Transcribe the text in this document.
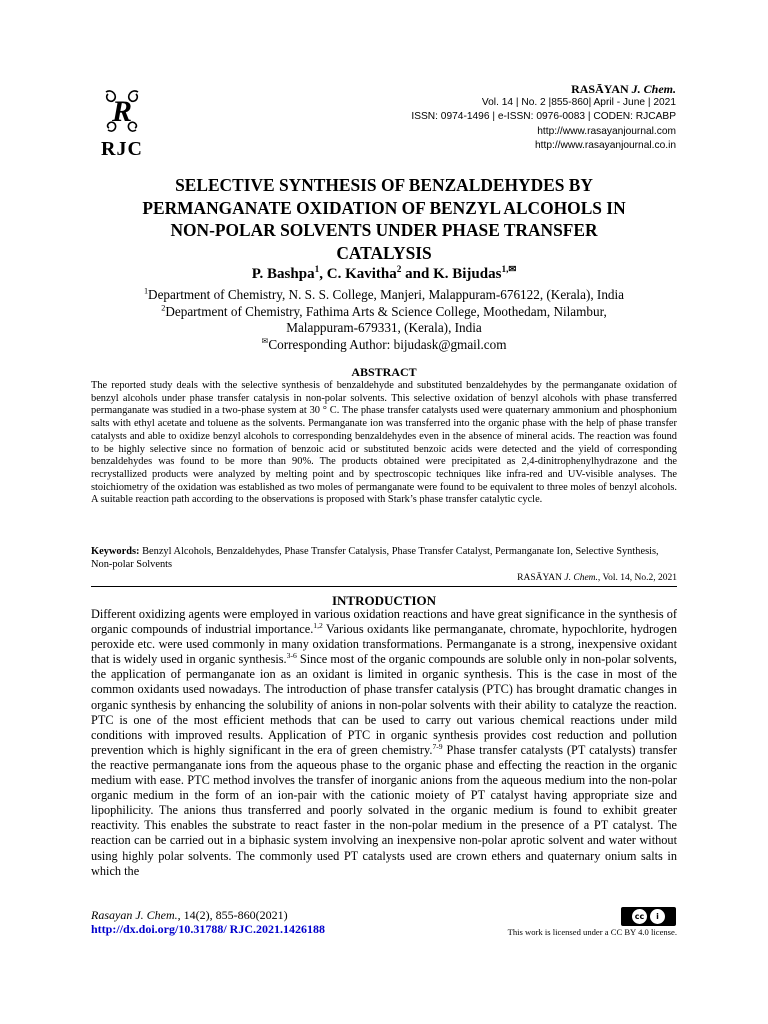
R
RJC
RASĀYAN J. Chem.
Vol. 14 | No. 2 |855-860| April - June | 2021
ISSN: 0974-1496 | e-ISSN: 0976-0083 | CODEN: RJCABP
http://www.rasayanjournal.com
http://www.rasayanjournal.co.in
SELECTIVE SYNTHESIS OF BENZALDEHYDES BY
PERMANGANATE OXIDATION OF BENZYL ALCOHOLS IN
NON-POLAR SOLVENTS UNDER PHASE TRANSFER
CATALYSIS
P. Bashpa$^1$, C. Kavitha$^2$ and K. Bijudas$^{1,✉}$
$^1$Department of Chemistry, N. S. S. College, Manjeri, Malappuram-676122, (Kerala), India
$^2$Department of Chemistry, Fathima Arts & Science College, Moothedam, Nilambur,
Malappuram-679331, (Kerala), India
✉Corresponding Author: bijudask@gmail.com
ABSTRACT
The reported study deals with the selective synthesis of benzaldehyde and substituted benzaldehydes by the permanganate oxidation of benzyl alcohols under phase transfer catalysis in non-polar solvents. This selective oxidation of benzyl alcohols with phase transferred permanganate was studied in a two-phase system at 30 ° C. The phase transfer catalysts used were quaternary ammonium and phosphonium salts with ethyl acetate and toluene as the solvents. Permanganate ion was transferred into the organic phase with the help of phase transfer catalysts and able to oxidize benzyl alcohols to corresponding benzaldehydes even in the absence of mineral acids. The reaction was found to be highly selective since no formation of benzoic acid or substituted benzoic acids were detected and the yield of corresponding benzaldehydes was found to be more than 90%. The products obtained were precipitated as 2,4-dinitrophenylhydrazone and the recrystallized products were analyzed by melting point and by spectroscopic techniques like infra-red and UV-visible analyses. The stoichiometry of the oxidation was established as two moles of permanganate were found to be equivalent to three moles of benzyl alcohols. A suitable reaction path according to the observations is proposed with Stark’s phase transfer catalytic cycle.
Keywords: Benzyl Alcohols, Benzaldehydes, Phase Transfer Catalysis, Phase Transfer Catalyst, Permanganate Ion, Selective Synthesis, Non-polar Solvents
RASĀYAN J. Chem., Vol. 14, No.2, 2021
INTRODUCTION
Different oxidizing agents were employed in various oxidation reactions and have great significance in the synthesis of organic compounds of industrial importance.$^{1,2}$ Various oxidants like permanganate, chromate, hypochlorite, hydrogen peroxide etc. were used commonly in many oxidation transformations. Permanganate is a strong, inexpensive oxidant that is widely used in organic synthesis.$^{3-6}$ Since most of the organic compounds are soluble only in non-polar solvents, the application of permanganate ion as an oxidant is limited in organic synthesis. This is the case in most of the common oxidants used nowadays. The introduction of phase transfer catalysis (PTC) has brought dramatic changes in organic synthesis by enhancing the solubility of anions in non-polar solvents with their ability to catalyze the reaction. PTC is one of the most efficient methods that can be used to carry out various chemical reactions under mild conditions with improved results. Application of PTC in organic synthesis provides cost reduction and pollution prevention which is highly significant in the era of green chemistry.$^{7-9}$ Phase transfer catalysts (PT catalysts) transfer the reactive permanganate ions from the aqueous phase to the organic phase and effecting the reaction in the organic medium with ease. PTC method involves the transfer of inorganic anions from the aqueous medium into the non-polar organic medium in the form of an ion-pair with the cationic moiety of PT catalyst having appropriate size and lipophilicity. The anions thus transferred and poorly solvated in the organic medium is found to exhibit greater reactivity. This enables the substrate to react faster in the non-polar medium in the presence of a PT catalyst. The reaction can be carried out in a biphasic system involving an inexpensive non-polar aprotic solvent and water without using highly polar solvents. The commonly used PT catalysts used are crown ethers and quaternary onium salts in which the
Rasayan J. Chem., 14(2), 855-860(2021)
http://dx.doi.org/10.31788/ RJC.2021.1426188
cc	i
This work is licensed under a CC BY 4.0 license.
